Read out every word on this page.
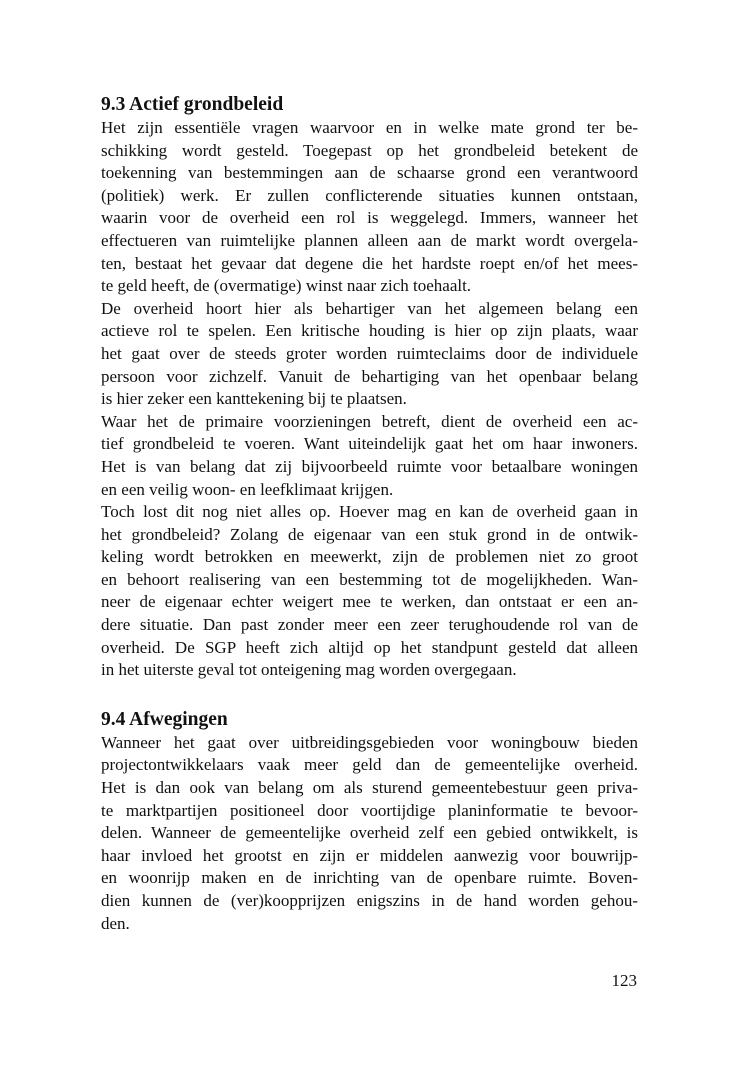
9.3 Actief grondbeleid

Het zijn essentiële vragen waarvoor en in welke mate grond ter be-
schikking wordt gesteld. Toegepast op het grondbeleid betekent de
toekenning van bestemmingen aan de schaarse grond een verantwoord
(politiek) werk. Er zullen conflicterende situaties kunnen ontstaan,
waarin voor de overheid een rol is weggelegd. Immers, wanneer het
effectueren van ruimtelijke plannen alleen aan de markt wordt overgela-
ten, bestaat het gevaar dat degene die het hardste roept en/of het mees-
te geld heeft, de (overmatige) winst naar zich toehaalt.

De overheid hoort hier als behartiger van het algemeen belang een
actieve rol te spelen. Een kritische houding is hier op zijn plaats, waar
het gaat over de steeds groter worden ruimteclaims door de individuele
persoon voor zichzelf. Vanuit de behartiging van het openbaar belang
is hier zeker een kanttekening bij te plaatsen.

Waar het de primaire voorzieningen betreft, dient de overheid een ac-
tief grondbeleid te voeren. Want uiteindelijk gaat het om haar inwoners.
Het is van belang dat zij bijvoorbeeld ruimte voor betaalbare woningen
en een veilig woon- en leefklimaat krijgen.

Toch lost dit nog niet alles op. Hoever mag en kan de overheid gaan in
het grondbeleid? Zolang de eigenaar van een stuk grond in de ontwik-
keling wordt betrokken en meewerkt, zijn de problemen niet zo groot
en behoort realisering van een bestemming tot de mogelijkheden. Wan-
neer de eigenaar echter weigert mee te werken, dan ontstaat er een an-
dere situatie. Dan past zonder meer een zeer terughoudende rol van de
overheid. De SGP heeft zich altijd op het standpunt gesteld dat alleen
in het uiterste geval tot onteigening mag worden overgegaan.

9.4 Afwegingen

Wanneer het gaat over uitbreidingsgebieden voor woningbouw bieden
projectontwikkelaars vaak meer geld dan de gemeentelijke overheid.
Het is dan ook van belang om als sturend gemeentebestuur geen priva-
te marktpartijen positioneel door voortijdige planinformatie te bevoor-
delen. Wanneer de gemeentelijke overheid zelf een gebied ontwikkelt, is
haar invloed het grootst en zijn er middelen aanwezig voor bouwrijp-
en woonrijp maken en de inrichting van de openbare ruimte. Boven-
dien kunnen de (ver)koopprijzen enigszins in de hand worden gehou-
den.

123
